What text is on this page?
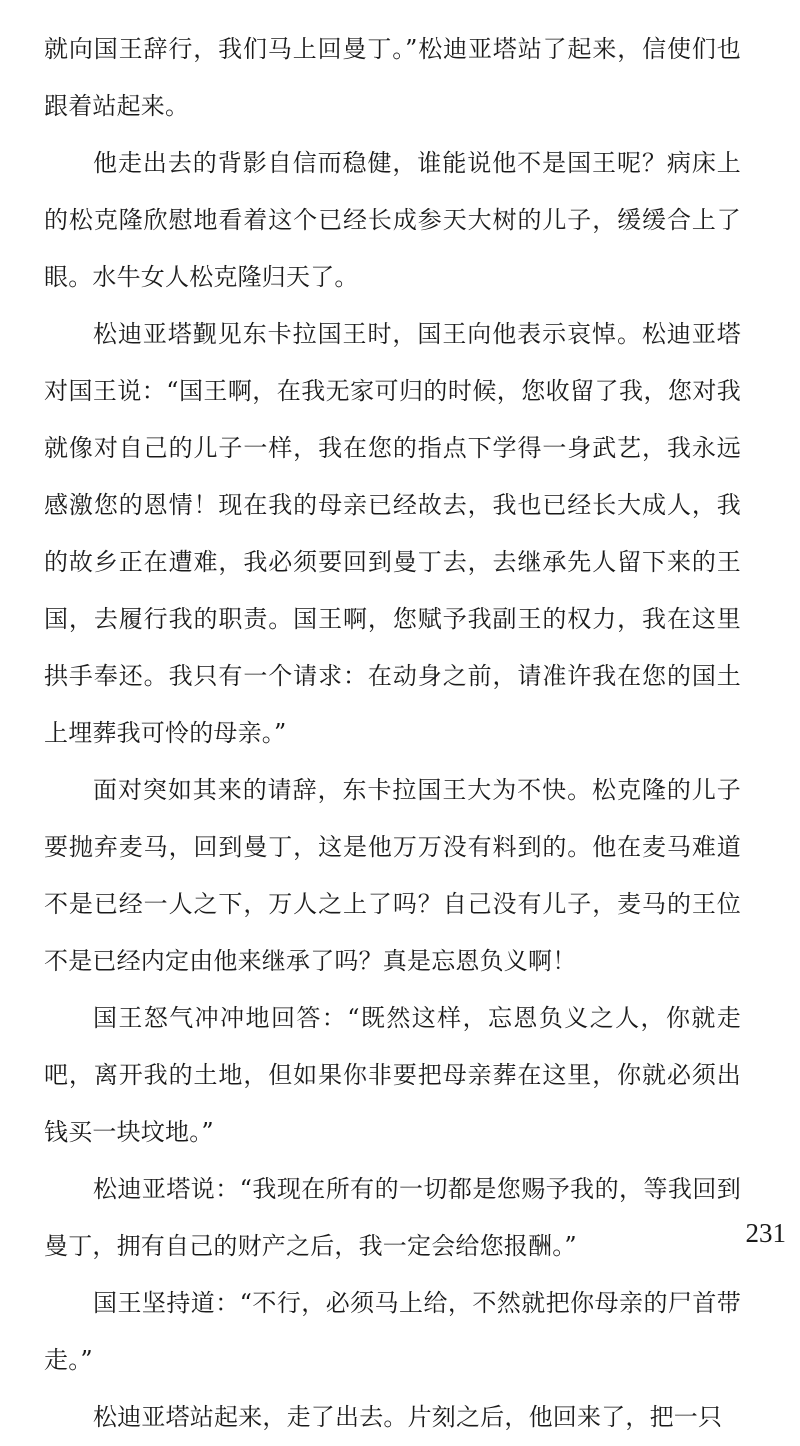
就向国王辞行，我们马上回曼丁。”松迪亚塔站了起来，信使们也跟着站起来。

他走出去的背影自信而稳健，谁能说他不是国王呢？病床上的松克隆欣慰地看着这个已经长成参天大树的儿子，缓缓合上了眼。水牛女人松克隆归天了。

松迪亚塔觐见东卡拉国王时，国王向他表示哀悼。松迪亚塔对国王说：“国王啊，在我无家可归的时候，您收留了我，您对我就像对自己的儿子一样，我在您的指点下学得一身武艺，我永远感激您的恩情！现在我的母亲已经故去，我也已经长大成人，我的故乡正在遭难，我必须要回到曼丁去，去继承先人留下来的王国，去履行我的职责。国王啊，您赋予我副王的权力，我在这里拱手奉还。我只有一个请求：在动身之前，请准许我在您的国土上埋葬我可怜的母亲。”

面对突如其来的请辞，东卡拉国王大为不快。松克隆的儿子要抛弃麦马，回到曼丁，这是他万万没有料到的。他在麦马难道不是已经一人之下，万人之上了吗？自己没有儿子，麦马的王位不是已经内定由他来继承了吗？真是忘恩负义啊！

国王怒气冲冲地回答：“既然这样，忘恩负义之人，你就走吧，离开我的土地，但如果你非要把母亲葬在这里，你就必须出钱买一块坟地。”

松迪亚塔说：“我现在所有的一切都是您赐予我的，等我回到曼丁，拥有自己的财产之后，我一定会给您报酬。”

国王坚持道：“不行，必须马上给，不然就把你母亲的尸首带走。”

松迪亚塔站起来，走了出去。片刻之后，他回来了，把一只

231
